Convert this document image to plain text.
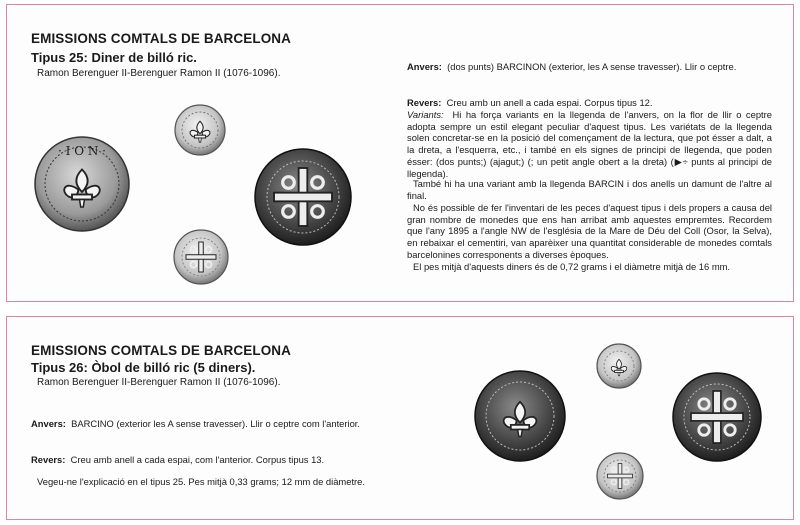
EMISSIONS COMTALS DE BARCELONA
Tipus 25: Diner de billó ric.
Ramon Berenguer II-Berenguer Ramon II (1076-1096).
· I O N ·
Anvers: (dos punts) BARCINON (exterior, les A sense travesser). Llir o ceptre.
Revers: Creu amb un anell a cada espai. Corpus tipus 12.
Variants: Hi ha força variants en la llegenda de l'anvers, on la flor de llir o ceptre adopta sempre un estil elegant peculiar d'aquest tipus. Les variétats de la llegenda solen concretar-se en la posició del començament de la lectura, que pot ésser a dalt, a la dreta, a l'esquerra, etc., i també en els signes de principi de llegenda, que poden ésser: (dos punts;) (ajagut;) (; un petit angle obert a la dreta) (▶÷ punts al principi de llegenda).
També hi ha una variant amb la llegenda BARCIN i dos anells un damunt de l'altre al final.
No és possible de fer l'inventari de les peces d'aquest tipus i dels propers a causa del gran nombre de monedes que ens han arribat amb aquestes empremtes. Recordem que l'any 1895 a l'angle NW de l'església de la Mare de Déu del Coll (Osor, la Selva), en rebaixar el cementiri, van aparèixer una quantitat considerable de monedes comtals barcelonines corresponents a diverses èpoques.
El pes mitjà d'aquests diners és de 0,72 grams i el diàmetre mitjà de 16 mm.
EMISSIONS COMTALS DE BARCELONA
Tipus 26: Òbol de billó ric (5 diners).
Ramon Berenguer II-Berenguer Ramon II (1076-1096).
Anvers: BARCINO (exterior les A sense travesser). Llir o ceptre com l'anterior.
Revers: Creu amb anell a cada espai, com l'anterior. Corpus tipus 13.
Vegeu-ne l'explicació en el tipus 25. Pes mitjà 0,33 grams; 12 mm de diàmetre.
